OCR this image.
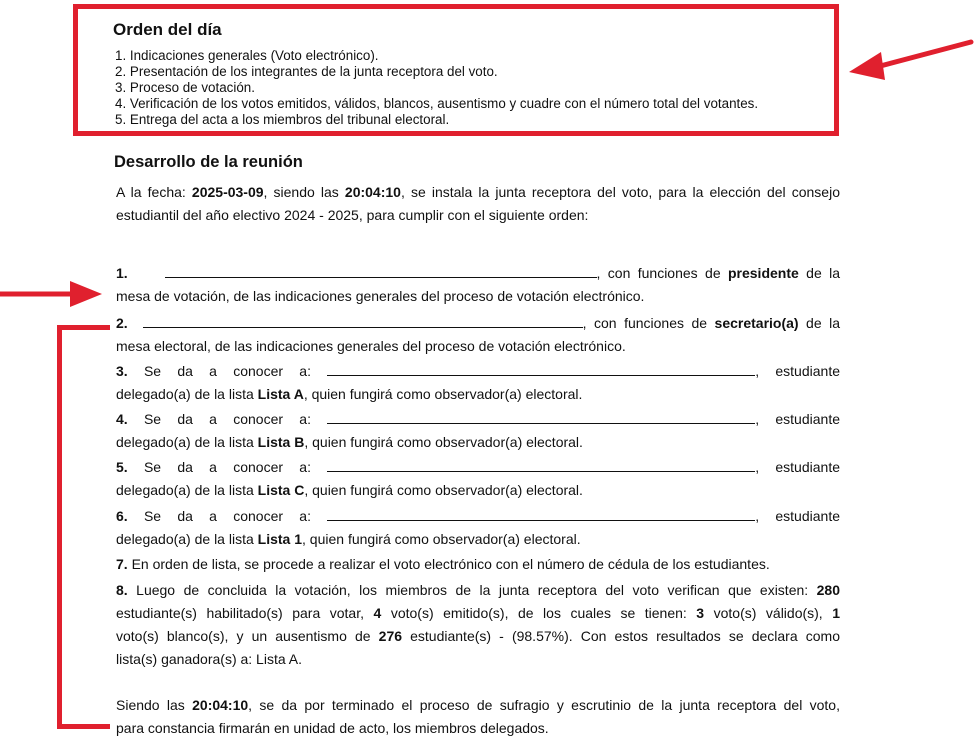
Orden del día
1. Indicaciones generales (Voto electrónico).
2. Presentación de los integrantes de la junta receptora del voto.
3. Proceso de votación.
4. Verificación de los votos emitidos, válidos, blancos, ausentismo y cuadre con el número total del votantes.
5. Entrega del acta a los miembros del tribunal electoral.
Desarrollo de la reunión
A la fecha: 2025-03-09, siendo las 20:04:10, se instala la junta receptora del voto, para la elección del consejo
estudiantil del año electivo 2024 - 2025, para cumplir con el siguiente orden:
1.	, con funciones de presidente de la
mesa de votación, de las indicaciones generales del proceso de votación electrónico.
2.	, con funciones de secretario(a) de la
mesa electoral, de las indicaciones generales del proceso de votación electrónico.
3. Se da a conocer a:	, estudiante
delegado(a) de la lista Lista A, quien fungirá como observador(a) electoral.
4. Se da a conocer a:	, estudiante
delegado(a) de la lista Lista B, quien fungirá como observador(a) electoral.
5. Se da a conocer a:	, estudiante
delegado(a) de la lista Lista C, quien fungirá como observador(a) electoral.
6. Se da a conocer a:	, estudiante
delegado(a) de la lista Lista 1, quien fungirá como observador(a) electoral.
7. En orden de lista, se procede a realizar el voto electrónico con el número de cédula de los estudiantes.
8. Luego de concluida la votación, los miembros de la junta receptora del voto verifican que existen: 280
estudiante(s) habilitado(s) para votar, 4 voto(s) emitido(s), de los cuales se tienen: 3 voto(s) válido(s), 1
voto(s) blanco(s), y un ausentismo de 276 estudiante(s) - (98.57%). Con estos resultados se declara como
lista(s) ganadora(s) a: Lista A.
Siendo las 20:04:10, se da por terminado el proceso de sufragio y escrutinio de la junta receptora del voto,
para constancia firmarán en unidad de acto, los miembros delegados.
